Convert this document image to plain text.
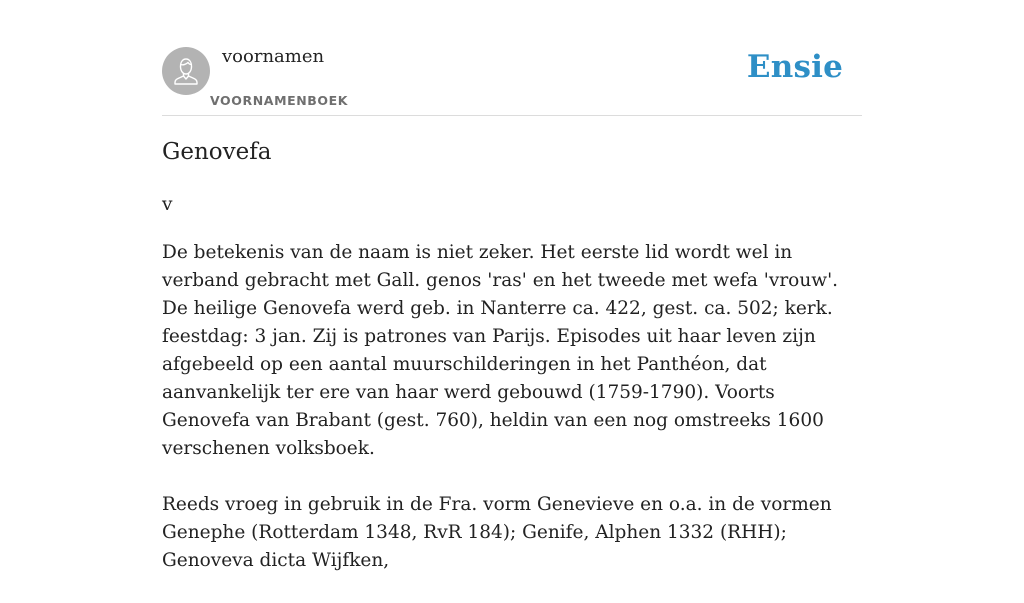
voornamen
VOORNAMENBOEK
Ensie
Genovefa
v

De betekenis van de naam is niet zeker. Het eerste lid wordt wel in verband gebracht met Gall. genos 'ras' en het tweede met wefa 'vrouw'. De heilige Genovefa werd geb. in Nanterre ca. 422, gest. ca. 502; kerk. feestdag: 3 jan. Zij is patrones van Parijs. Episodes uit haar leven zijn afgebeeld op een aantal muurschilderingen in het Panthéon, dat aanvankelijk ter ere van haar werd gebouwd (1759-1790). Voorts Genovefa van Brabant (gest. 760), heldin van een nog omstreeks 1600 verschenen volksboek.

Reeds vroeg in gebruik in de Fra. vorm Genevieve en o.a. in de vormen Genephe (Rotterdam 1348, RvR 184); Genife, Alphen 1332 (RHH); Genoveva dicta Wijfken,
